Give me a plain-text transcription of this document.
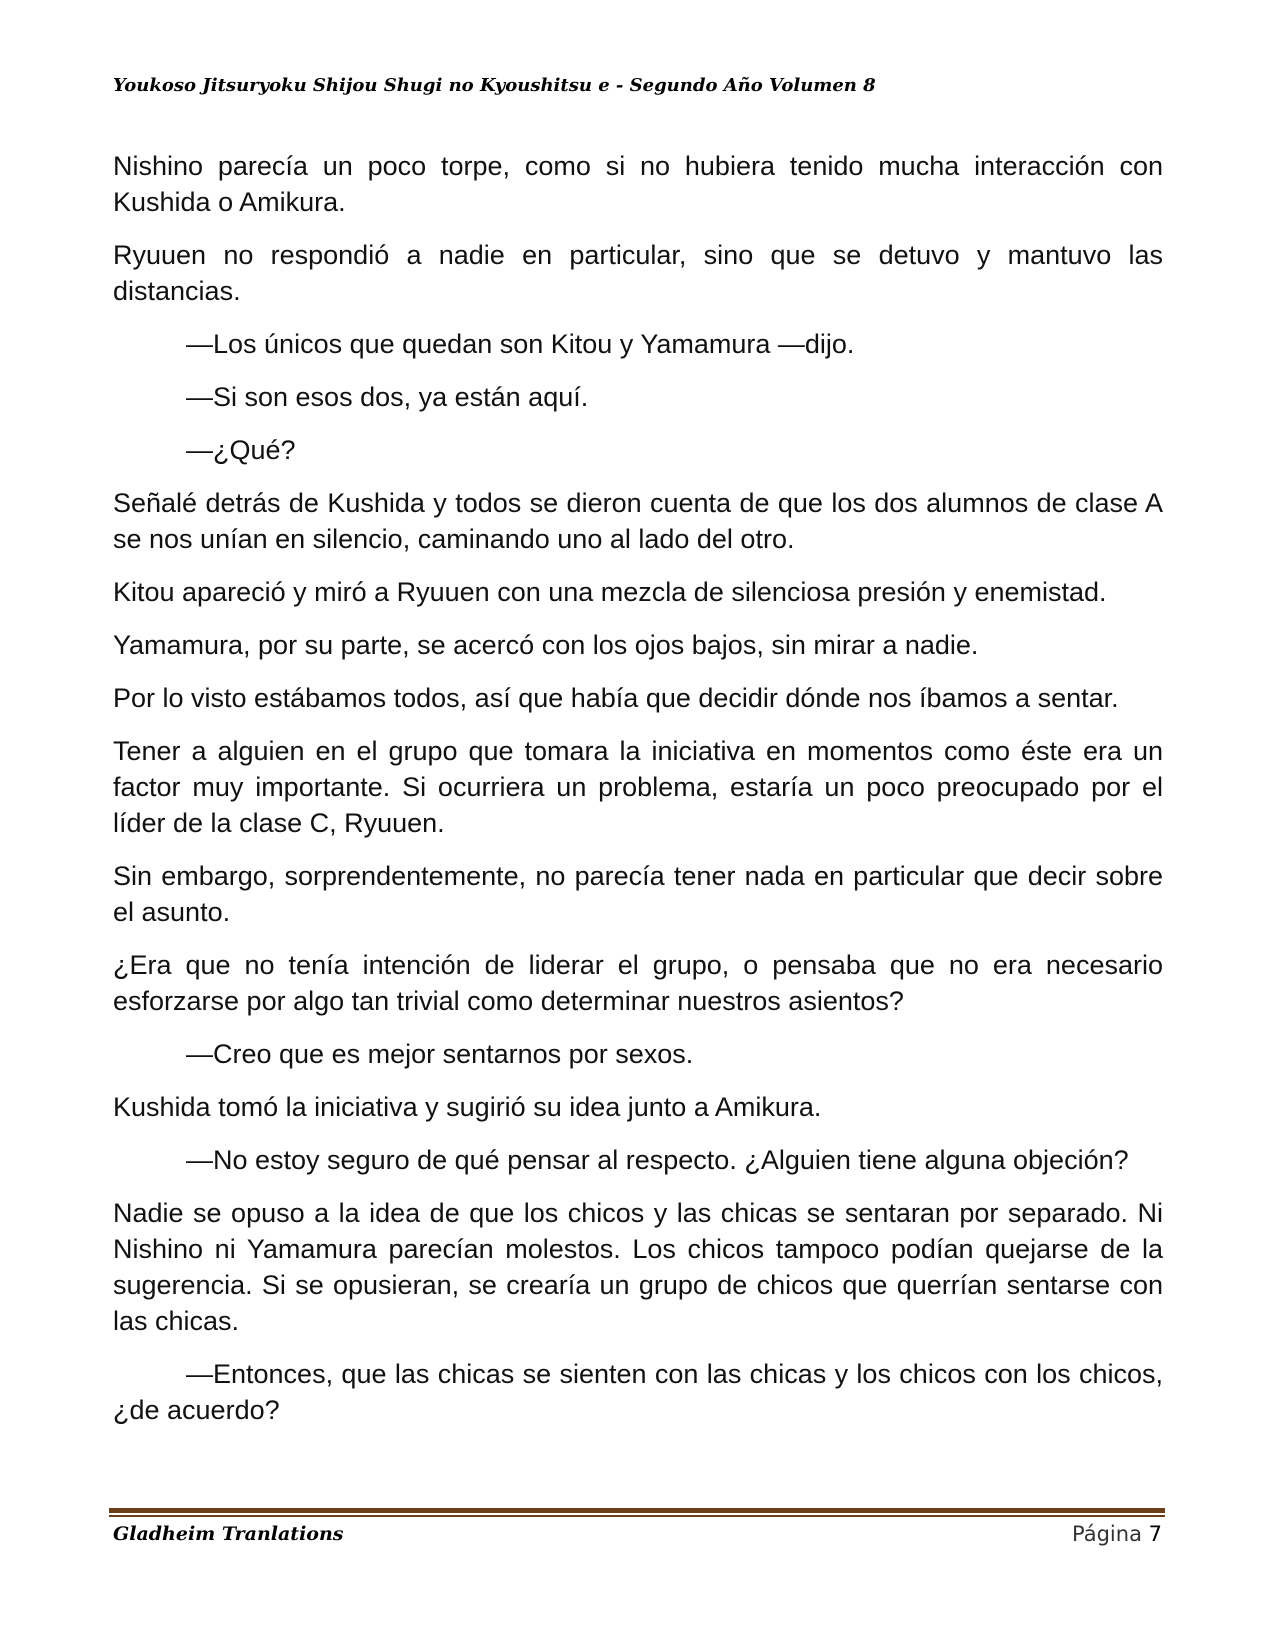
Youkoso Jitsuryoku Shijou Shugi no Kyoushitsu e - Segundo Año Volumen 8

Nishino parecía un poco torpe, como si no hubiera tenido mucha interacción con Kushida o Amikura.

Ryuuen no respondió a nadie en particular, sino que se detuvo y mantuvo las distancias.

—Los únicos que quedan son Kitou y Yamamura —dijo.

—Si son esos dos, ya están aquí.

—¿Qué?

Señalé detrás de Kushida y todos se dieron cuenta de que los dos alumnos de clase A se nos unían en silencio, caminando uno al lado del otro.

Kitou apareció y miró a Ryuuen con una mezcla de silenciosa presión y enemistad.

Yamamura, por su parte, se acercó con los ojos bajos, sin mirar a nadie.

Por lo visto estábamos todos, así que había que decidir dónde nos íbamos a sentar.

Tener a alguien en el grupo que tomara la iniciativa en momentos como éste era un factor muy importante. Si ocurriera un problema, estaría un poco preocupado por el líder de la clase C, Ryuuen.

Sin embargo, sorprendentemente, no parecía tener nada en particular que decir sobre el asunto.

¿Era que no tenía intención de liderar el grupo, o pensaba que no era necesario esforzarse por algo tan trivial como determinar nuestros asientos?

—Creo que es mejor sentarnos por sexos.

Kushida tomó la iniciativa y sugirió su idea junto a Amikura.

—No estoy seguro de qué pensar al respecto. ¿Alguien tiene alguna objeción?

Nadie se opuso a la idea de que los chicos y las chicas se sentaran por separado. Ni Nishino ni Yamamura parecían molestos. Los chicos tampoco podían quejarse de la sugerencia. Si se opusieran, se crearía un grupo de chicos que querrían sentarse con las chicas.

—Entonces, que las chicas se sienten con las chicas y los chicos con los chicos, ¿de acuerdo?

Gladheim Tranlations	Página 7
